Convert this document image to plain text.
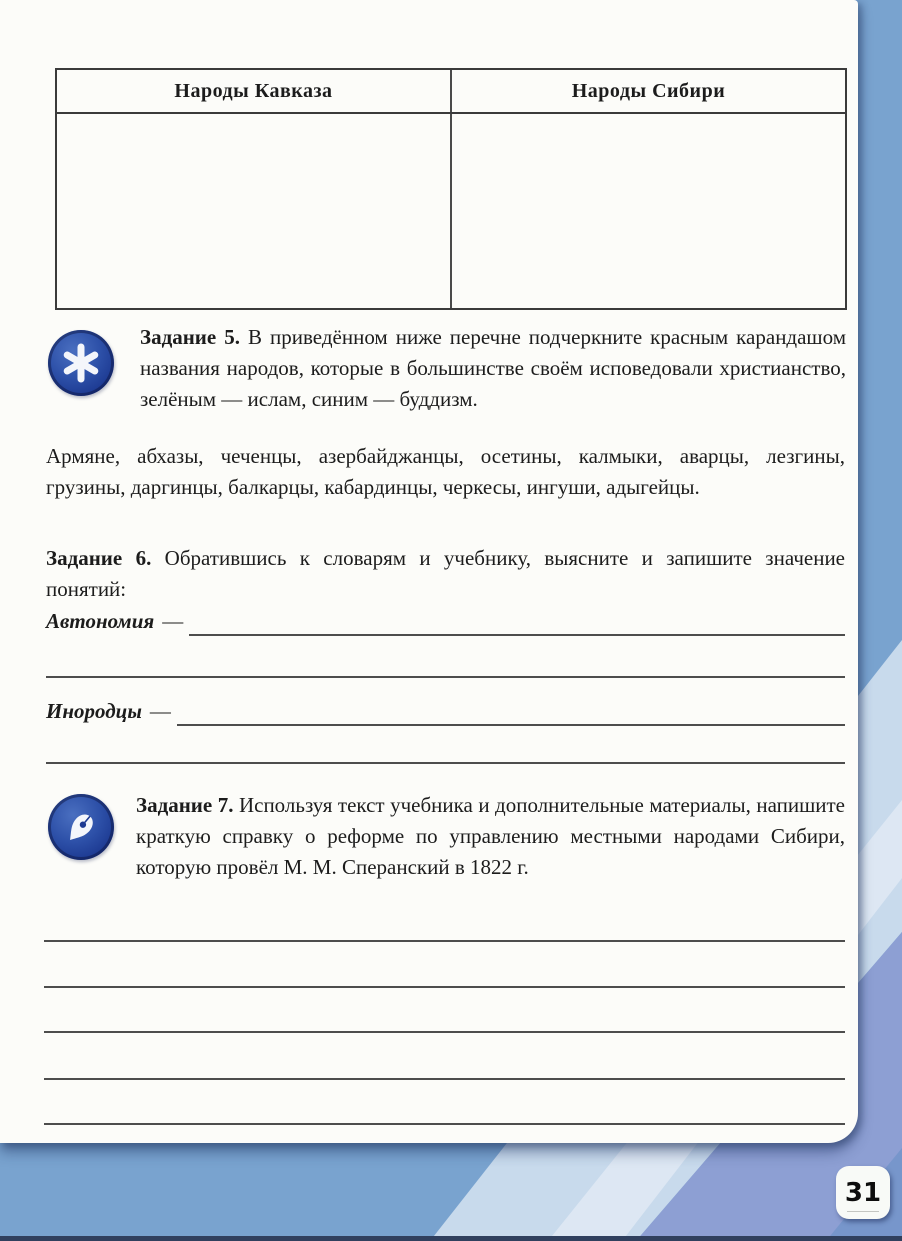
Народы Кавказа	Народы Сибири

Задание 5. В приведённом ниже перечне подчеркните красным карандашом названия народов, которые в большинстве своём исповедовали христианство, зелёным — ислам, синим — буддизм.

Армяне, абхазы, чеченцы, азербайджанцы, осетины, калмыки, аварцы, лезгины, грузины, даргинцы, балкарцы, кабардинцы, черкесы, ингуши, адыгейцы.

Задание 6. Обратившись к словарям и учебнику, выясните и запишите значение понятий:

Автономия —
Инородцы —

Задание 7. Используя текст учебника и дополнительные материалы, напишите краткую справку о реформе по управлению местными народами Сибири, которую провёл М. М. Сперанский в 1822 г.

31
